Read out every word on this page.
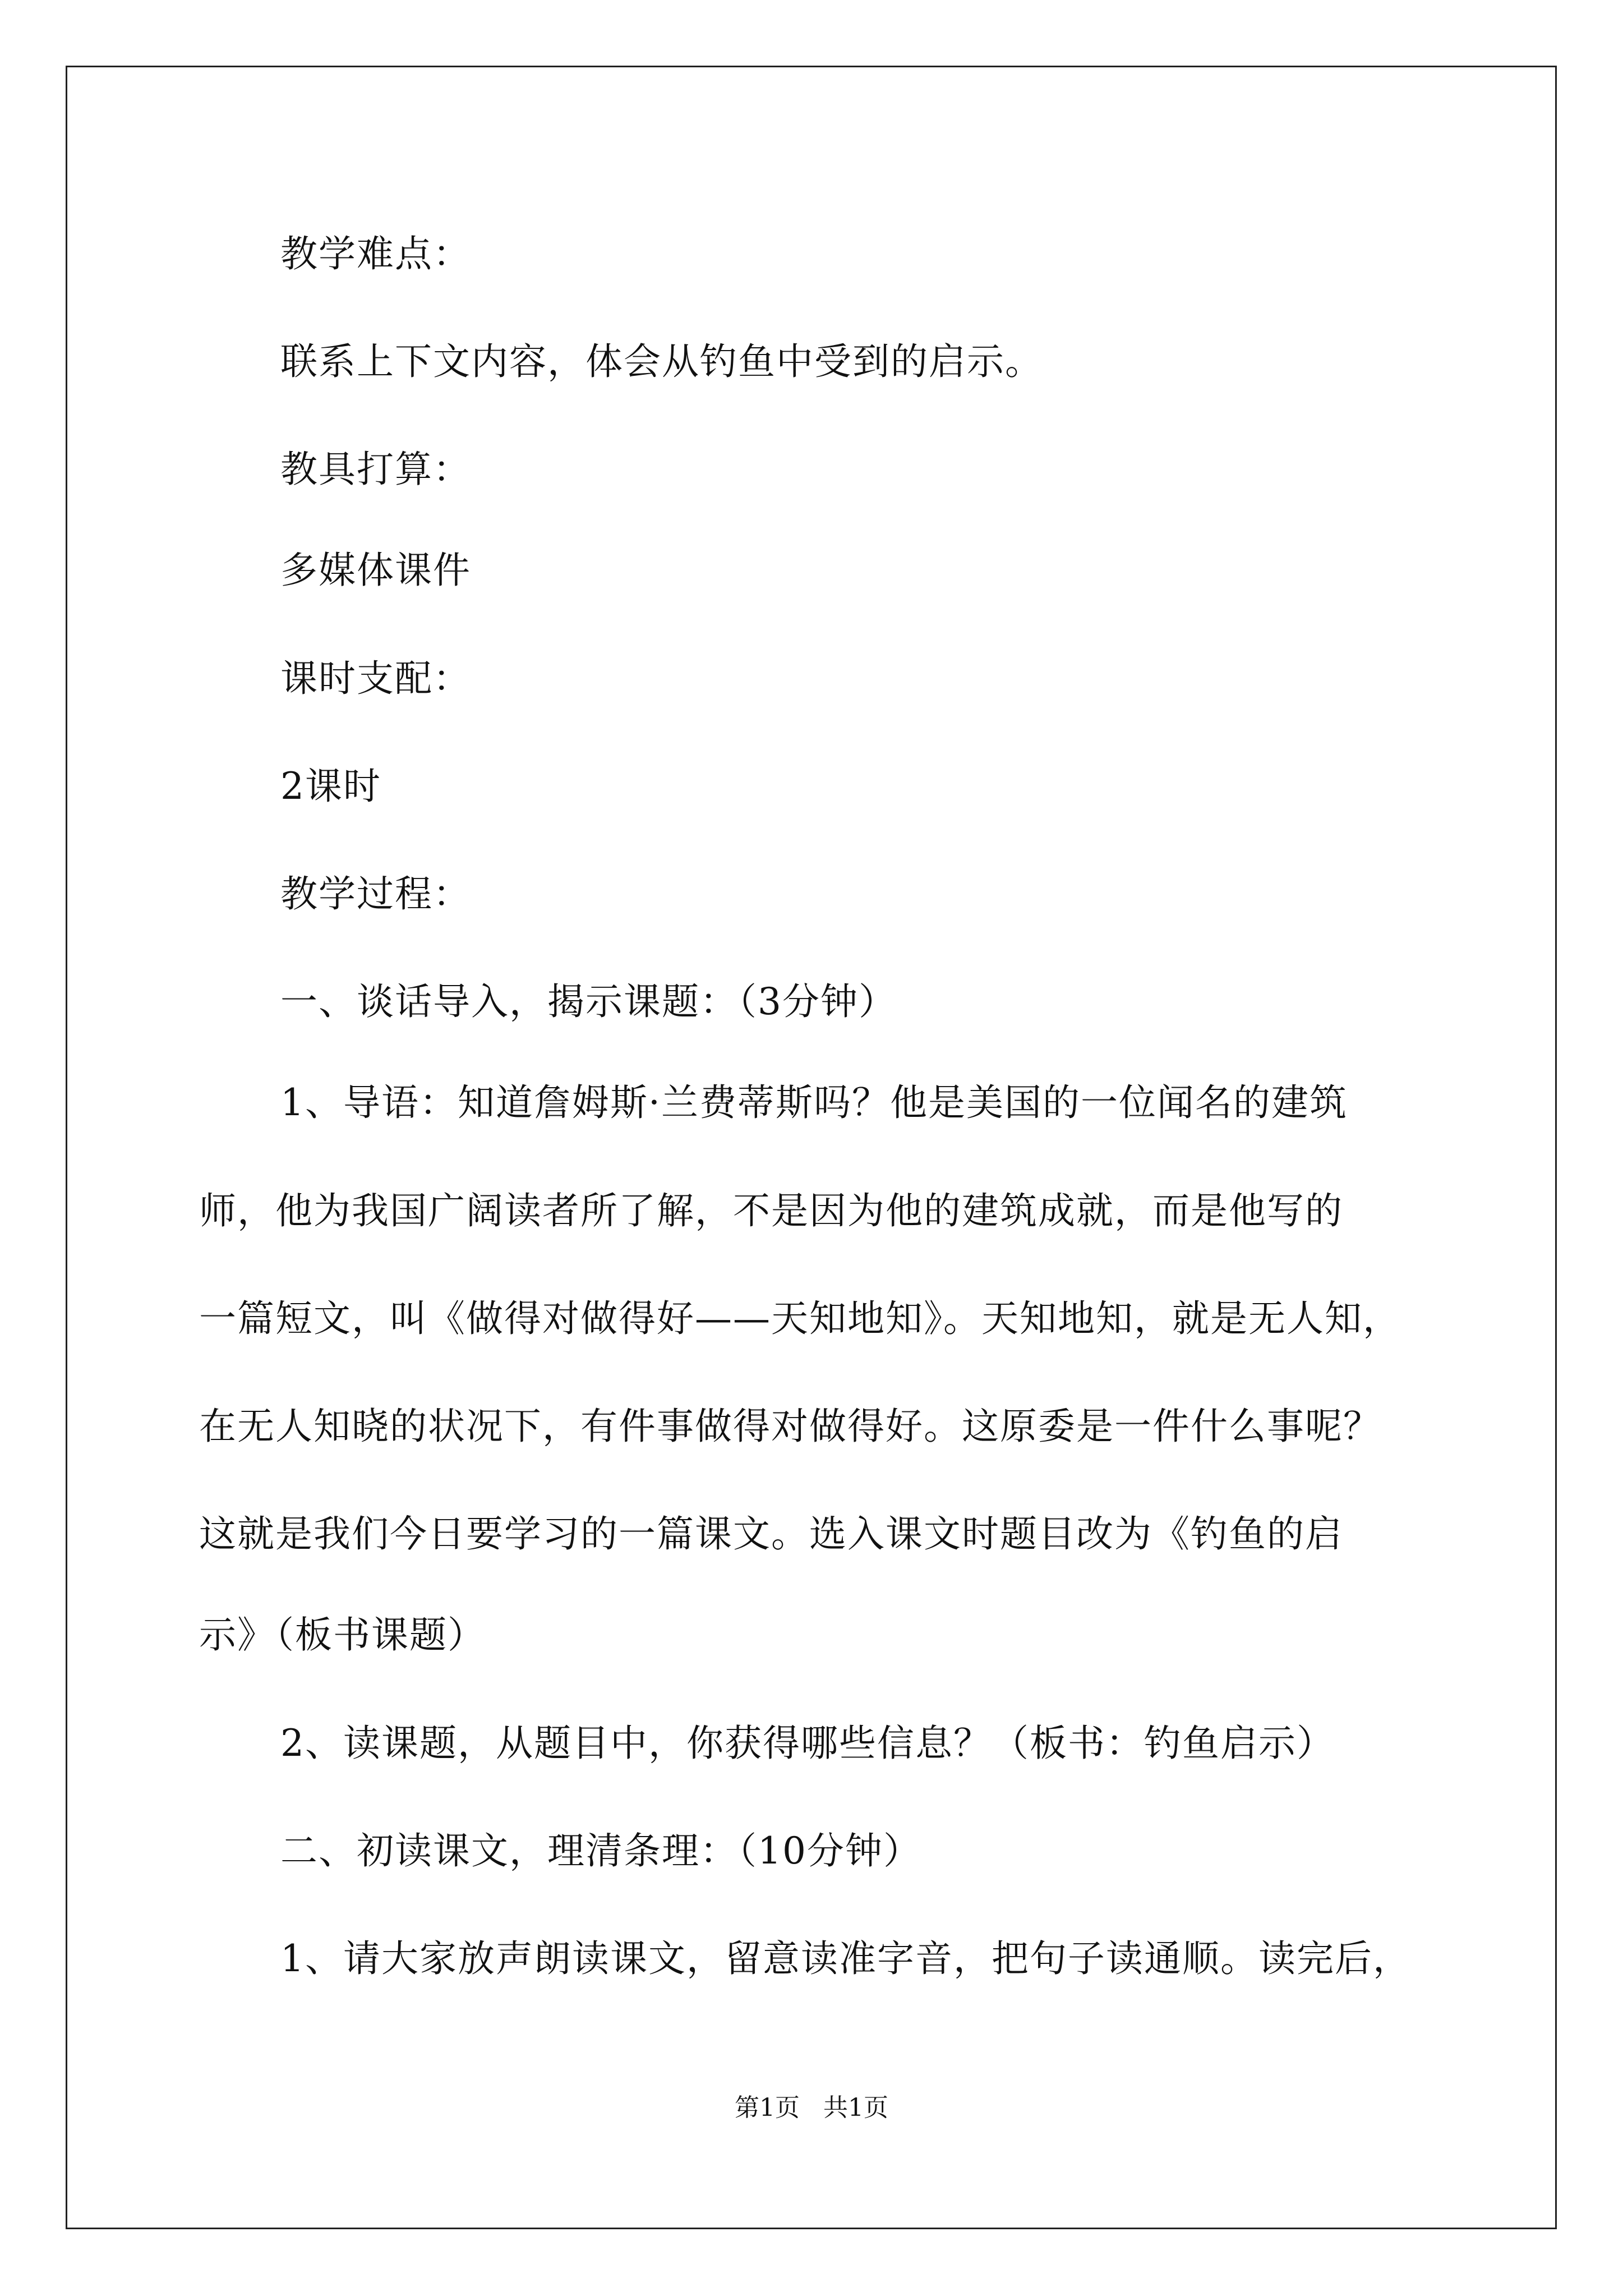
教学难点：
联系上下文内容，体会从钓鱼中受到的启示。
教具打算：
多媒体课件
课时支配：
2课时
教学过程：
一、谈话导入，揭示课题：（3分钟）
1、导语：知道詹姆斯·兰费蒂斯吗？他是美国的一位闻名的建筑
师，他为我国广阔读者所了解，不是因为他的建筑成就，而是他写的
一篇短文，叫《做得对做得好——天知地知》。天知地知，就是无人知，
在无人知晓的状况下，有件事做得对做得好。这原委是一件什么事呢？
这就是我们今日要学习的一篇课文。选入课文时题目改为《钓鱼的启
示》（板书课题）
2、读课题，从题目中，你获得哪些信息？（板书：钓鱼启示）
二、初读课文，理清条理：（10分钟）
1、请大家放声朗读课文，留意读准字音，把句子读通顺。读完后，
第1页   共1页
